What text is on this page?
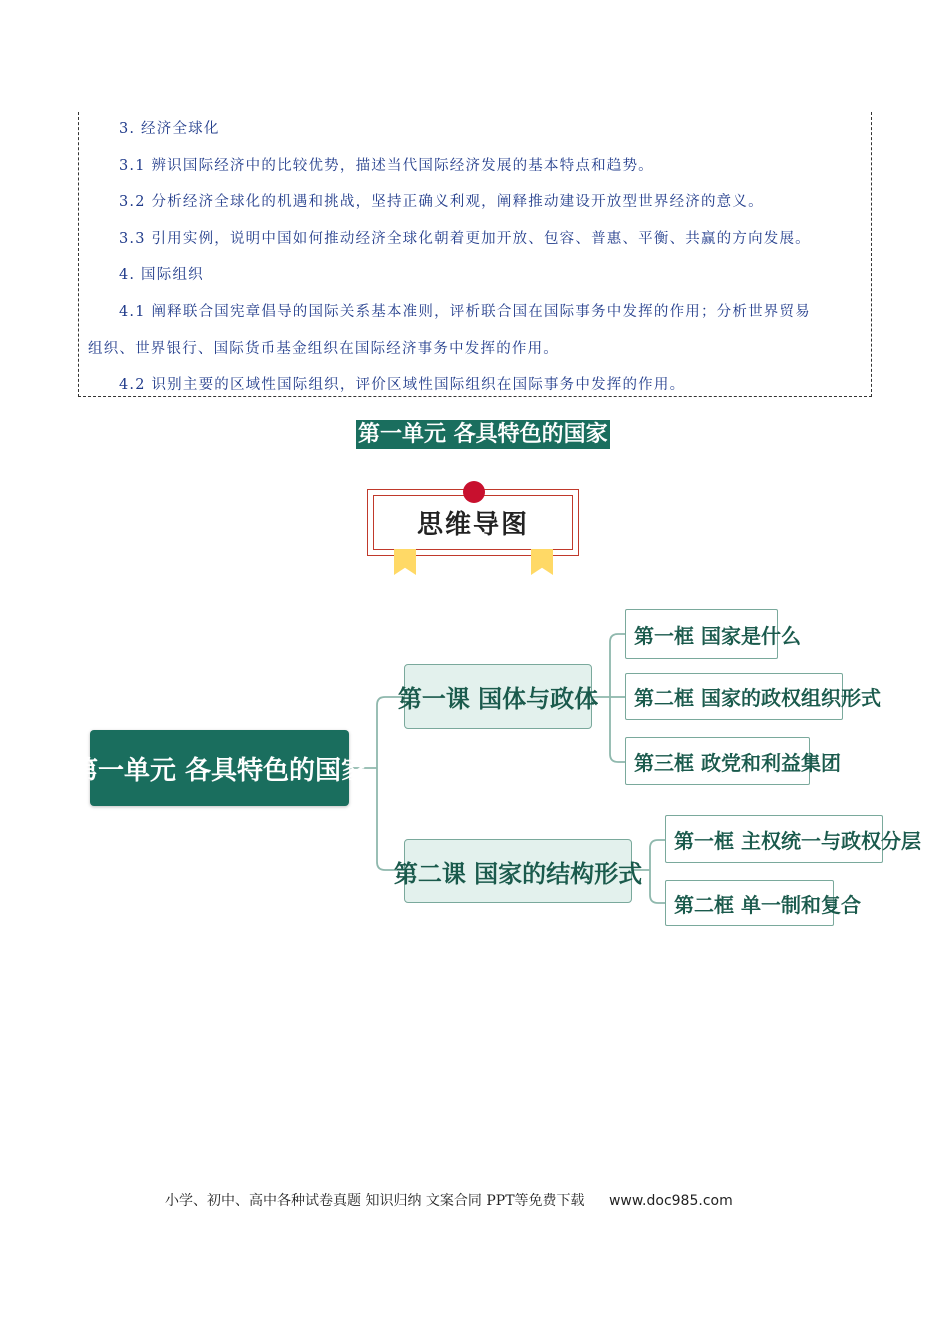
3. 经济全球化
3.1 辨识国际经济中的比较优势，描述当代国际经济发展的基本特点和趋势。
3.2 分析经济全球化的机遇和挑战，坚持正确义利观，阐释推动建设开放型世界经济的意义。
3.3 引用实例，说明中国如何推动经济全球化朝着更加开放、包容、普惠、平衡、共赢的方向发展。
4. 国际组织
4.1 阐释联合国宪章倡导的国际关系基本准则，评析联合国在国际事务中发挥的作用；分析世界贸易
组织、世界银行、国际货币基金组织在国际经济事务中发挥的作用。
4.2 识别主要的区域性国际组织，评价区域性国际组织在国际事务中发挥的作用。
第一单元 各具特色的国家
思维导图
第一单元 各具特色的国家
第一课 国体与政体
第二课 国家的结构形式
第一框 国家是什么
第二框 国家的政权组织形式
第三框 政党和利益集团
第一框 主权统一与政权分层
第二框 单一制和复合
小学、初中、高中各种试卷真题 知识归纳 文案合同 PPT等免费下载 www.doc985.com
